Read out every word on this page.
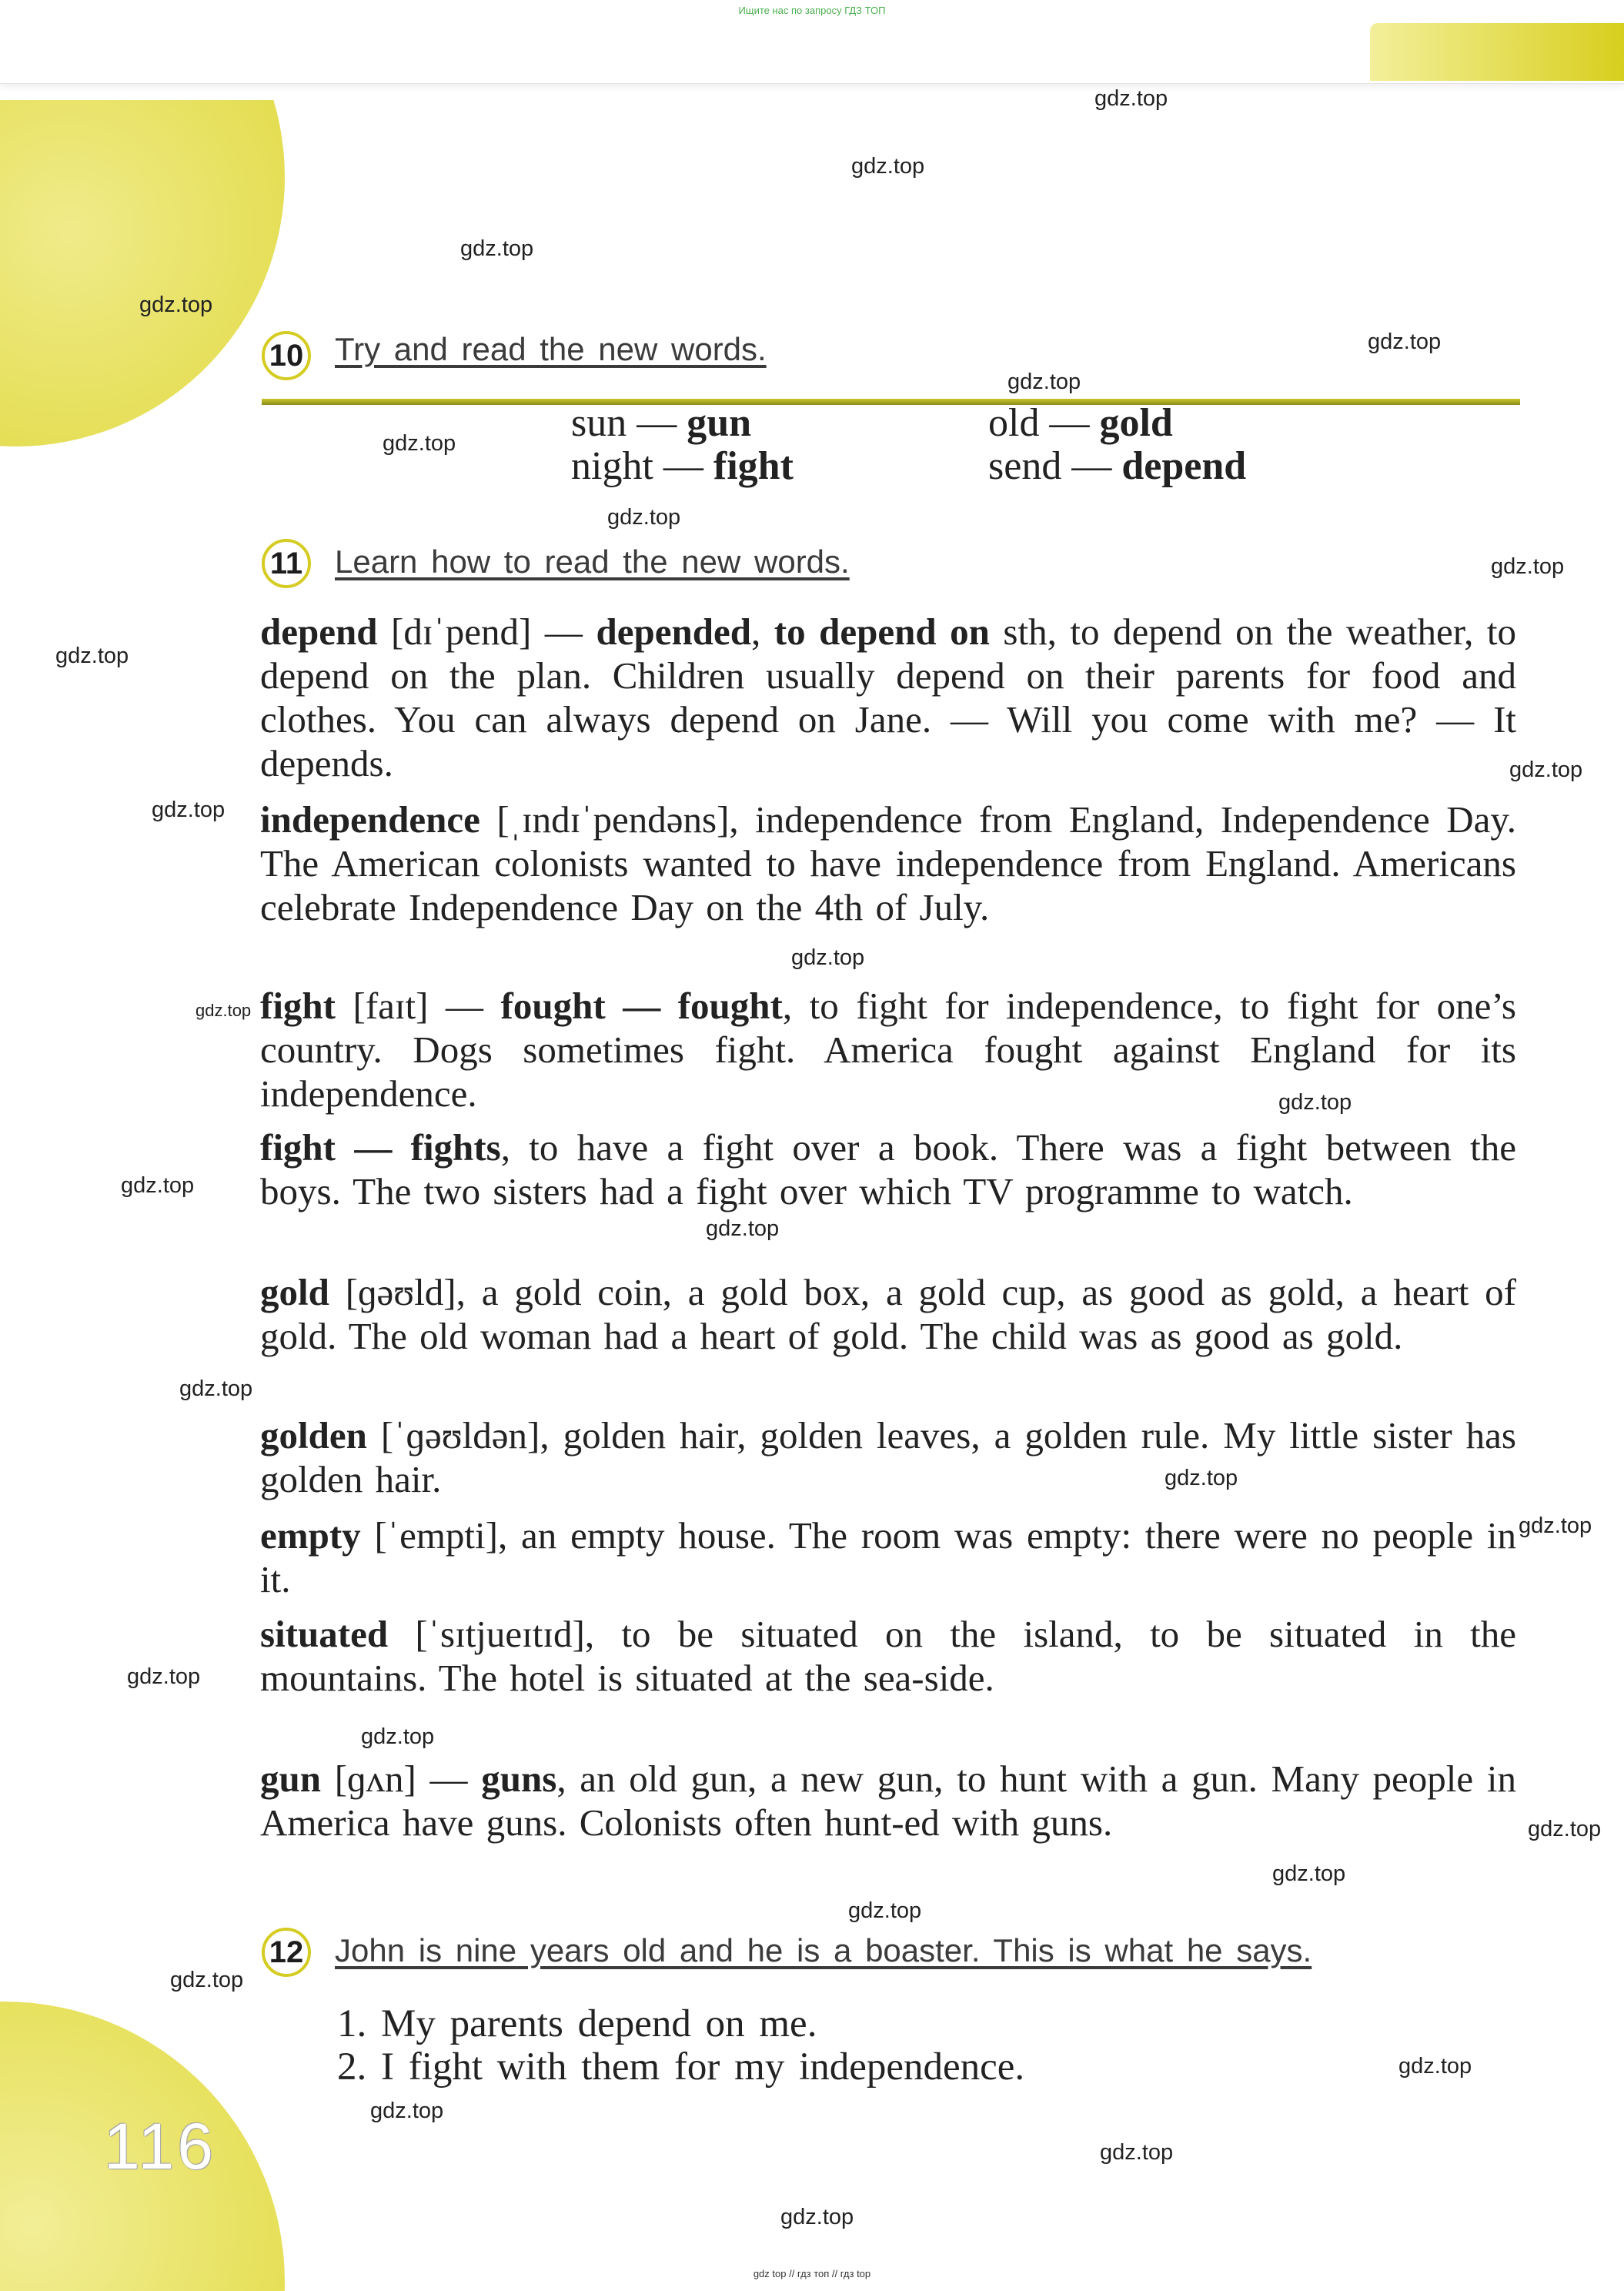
Ищите нас по запросу ГДЗ ТОП
10 Try and read the new words.
sun — gun
night — fight
old — gold
send — depend
11 Learn how to read the new words.
depend [dɪˈpend] — depended, to depend on sth, to depend on the weather, to depend on the plan. Children usually depend on their parents for food and clothes. You can always depend on Jane. — Will you come with me? — It depends.
independence [ˌɪndɪˈpendəns], independence from England, Independence Day. The American colonists wanted to have independence from England. Americans celebrate Independence Day on the 4th of July.
fight [faɪt] — fought — fought, to fight for independence, to fight for one’s country. Dogs sometimes fight. America fought against England for its independence.
fight — fights, to have a fight over a book. There was a fight between the boys. The two sisters had a fight over which TV programme to watch.
gold [ɡəʊld], a gold coin, a gold box, a gold cup, as good as gold, a heart of gold. The old woman had a heart of gold. The child was as good as gold.
golden [ˈɡəʊldən], golden hair, golden leaves, a golden rule. My little sister has golden hair.
empty [ˈempti], an empty house. The room was empty: there were no people in it.
situated [ˈsɪtjueɪtɪd], to be situated on the island, to be situated in the mountains. The hotel is situated at the sea-side.
gun [ɡʌn] — guns, an old gun, a new gun, to hunt with a gun. Many people in America have guns. Colonists often hunt-ed with guns.
12 John is nine years old and he is a boaster. This is what he says.
1. My parents depend on me.
2. I fight with them for my independence.
116
gdz.top
gdz.top
gdz.top
gdz.top
gdz.top
gdz.top
gdz.top
gdz.top
gdz.top
gdz.top
gdz.top
gdz.top
gdz.top
gdz.top
gdz.top
gdz.top
gdz.top
gdz.top
gdz.top
gdz.top
gdz.top
gdz.top
gdz.top
gdz.top
gdz.top
gdz.top
gdz.top
gdz.top
gdz.top
gdz.top
gdz top // гдз топ // гдз top
